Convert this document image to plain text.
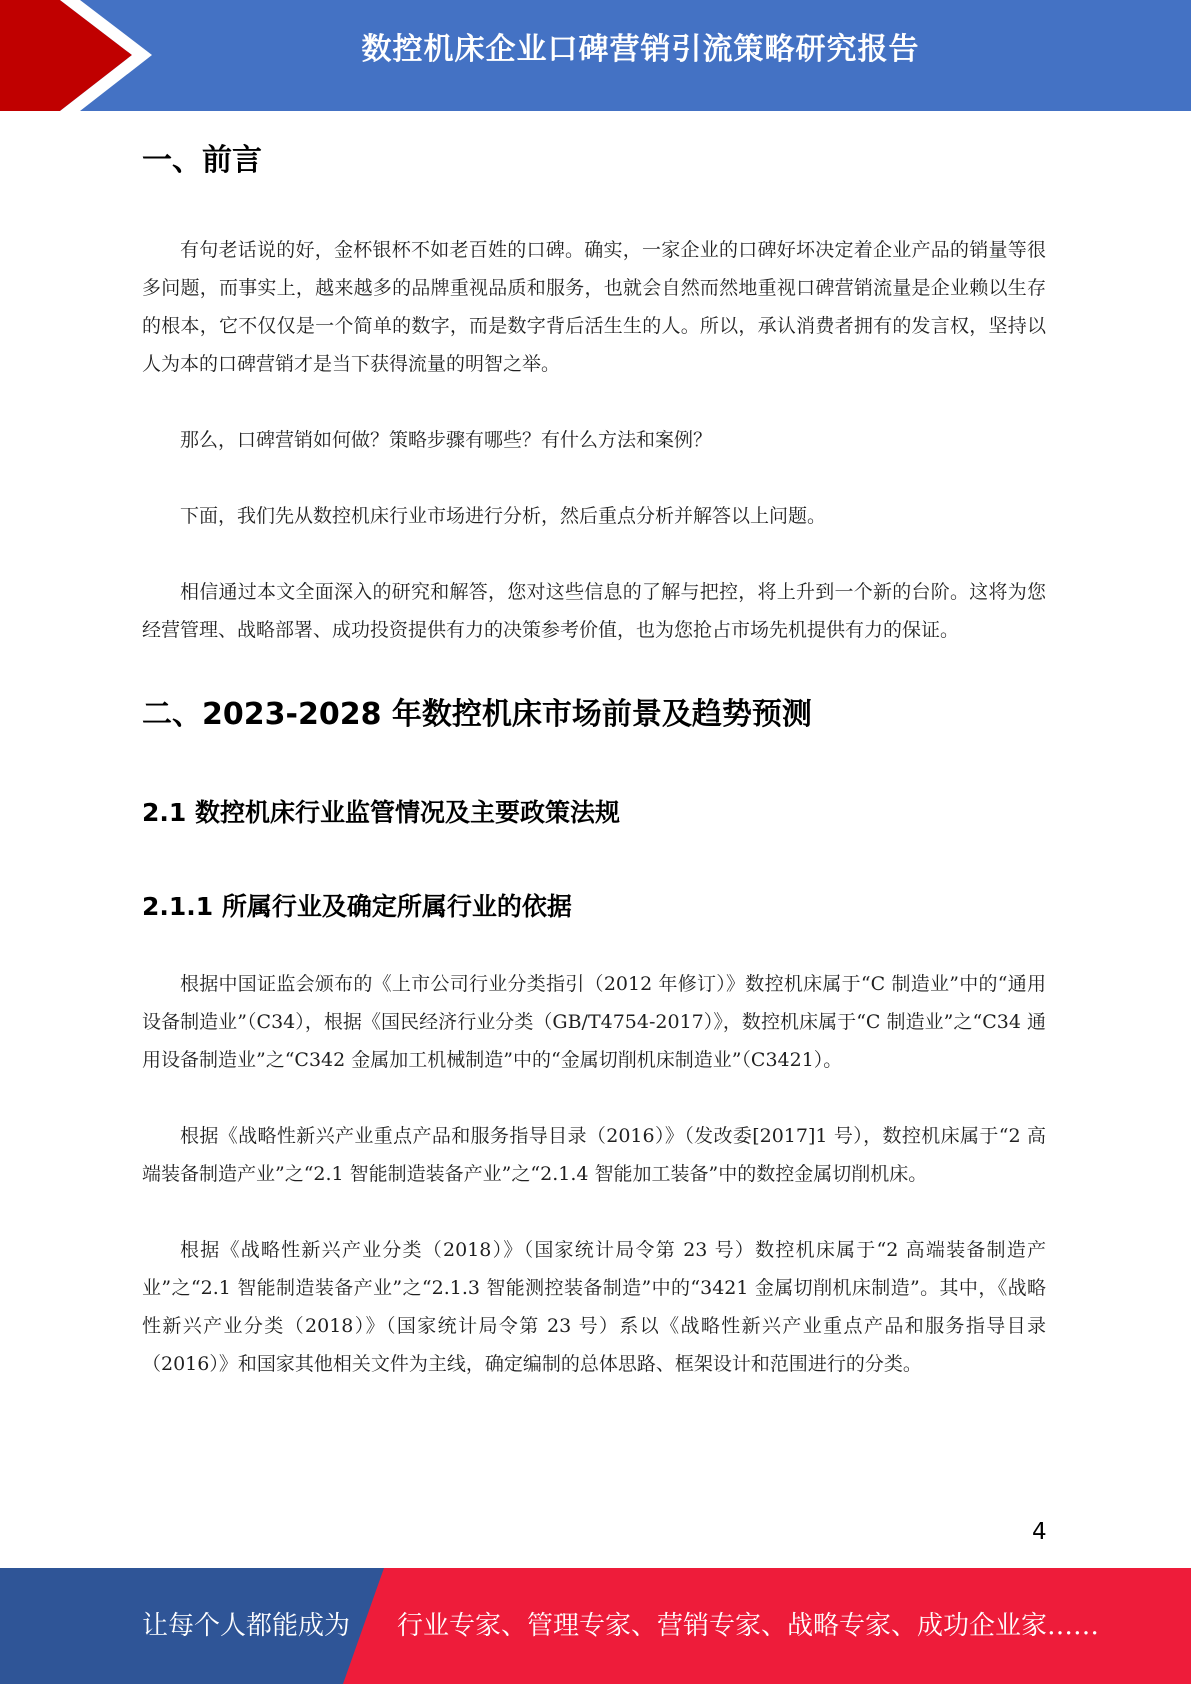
数控机床企业口碑营销引流策略研究报告
一、前言

有句老话说的好，金杯银杯不如老百姓的口碑。确实，一家企业的口碑好坏决定着企业产品的销量等很多问题，而事实上，越来越多的品牌重视品质和服务，也就会自然而然地重视口碑营销流量是企业赖以生存的根本，它不仅仅是一个简单的数字，而是数字背后活生生的人。所以，承认消费者拥有的发言权，坚持以人为本的口碑营销才是当下获得流量的明智之举。

那么，口碑营销如何做？策略步骤有哪些？有什么方法和案例？

下面，我们先从数控机床行业市场进行分析，然后重点分析并解答以上问题。

相信通过本文全面深入的研究和解答，您对这些信息的了解与把控，将上升到一个新的台阶。这将为您经营管理、战略部署、成功投资提供有力的决策参考价值，也为您抢占市场先机提供有力的保证。

二、2023-2028 年数控机床市场前景及趋势预测
2.1 数控机床行业监管情况及主要政策法规
2.1.1 所属行业及确定所属行业的依据

根据中国证监会颁布的《上市公司行业分类指引（2012 年修订）》数控机床属于“C 制造业”中的“通用设备制造业”（C34），根据《国民经济行业分类（GB/T4754-2017）》，数控机床属于“C 制造业”之“C34 通用设备制造业”之“C342 金属加工机械制造”中的“金属切削机床制造业”（C3421）。

根据《战略性新兴产业重点产品和服务指导目录（2016）》（发改委[2017]1 号），数控机床属于“2 高端装备制造产业”之“2.1 智能制造装备产业”之“2.1.4 智能加工装备”中的数控金属切削机床。

根据《战略性新兴产业分类（2018）》（国家统计局令第 23 号）数控机床属于“2 高端装备制造产业”之“2.1 智能制造装备产业”之“2.1.3 智能测控装备制造”中的“3421 金属切削机床制造”。其中，《战略性新兴产业分类（2018）》（国家统计局令第 23 号）系以《战略性新兴产业重点产品和服务指导目录（2016）》和国家其他相关文件为主线，确定编制的总体思路、框架设计和范围进行的分类。

4
让每个人都能成为 行业专家、管理专家、营销专家、战略专家、成功企业家……
